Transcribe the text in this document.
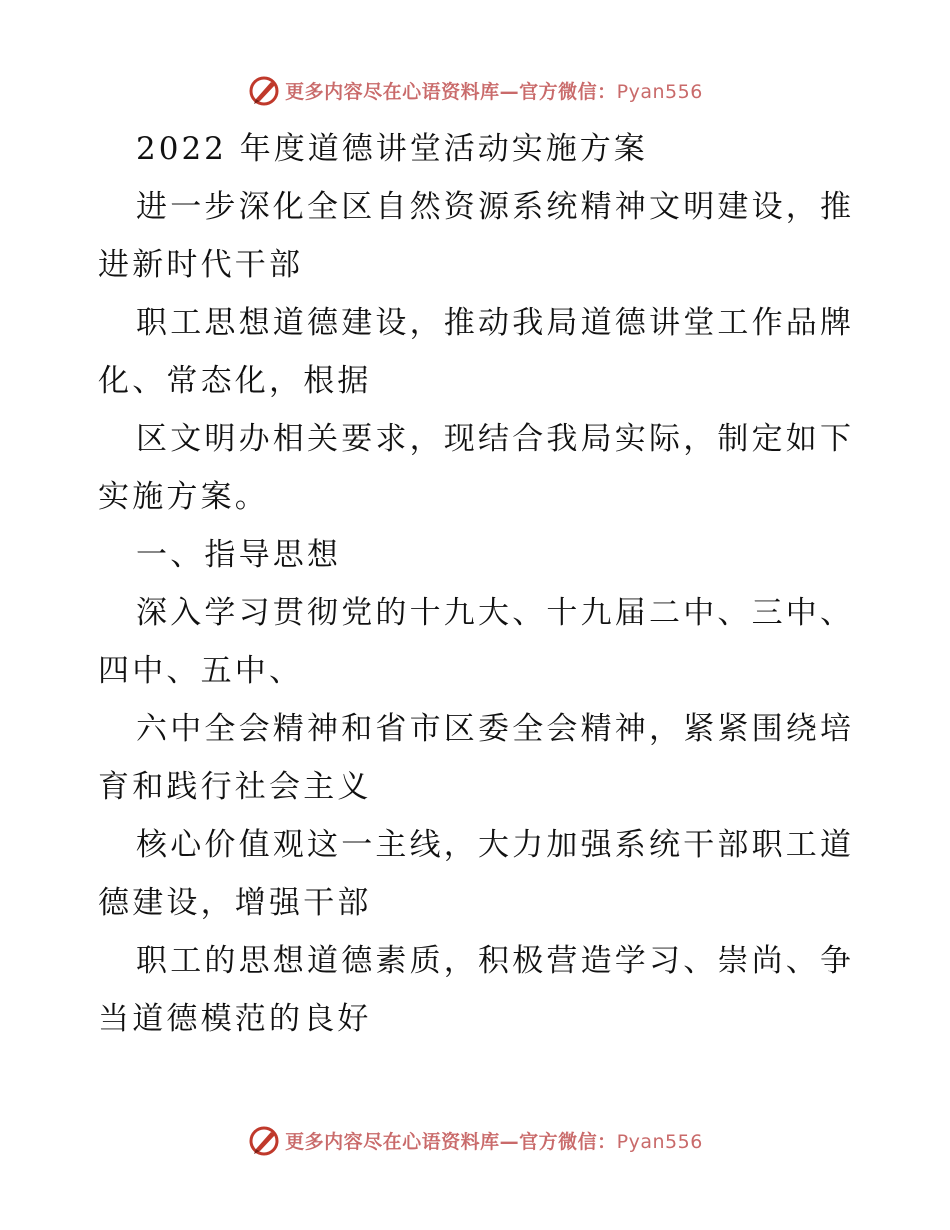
更多内容尽在心语资料库—官方微信：Pyan556
2022 年度道德讲堂活动实施方案
进一步深化全区自然资源系统精神文明建设，推
进新时代干部
职工思想道德建设，推动我局道德讲堂工作品牌
化、常态化，根据
区文明办相关要求，现结合我局实际，制定如下
实施方案。
一、指导思想
深入学习贯彻党的十九大、十九届二中、三中、
四中、五中、
六中全会精神和省市区委全会精神，紧紧围绕培
育和践行社会主义
核心价值观这一主线，大力加强系统干部职工道
德建设，增强干部
职工的思想道德素质，积极营造学习、崇尚、争
当道德模范的良好
更多内容尽在心语资料库—官方微信：Pyan556
